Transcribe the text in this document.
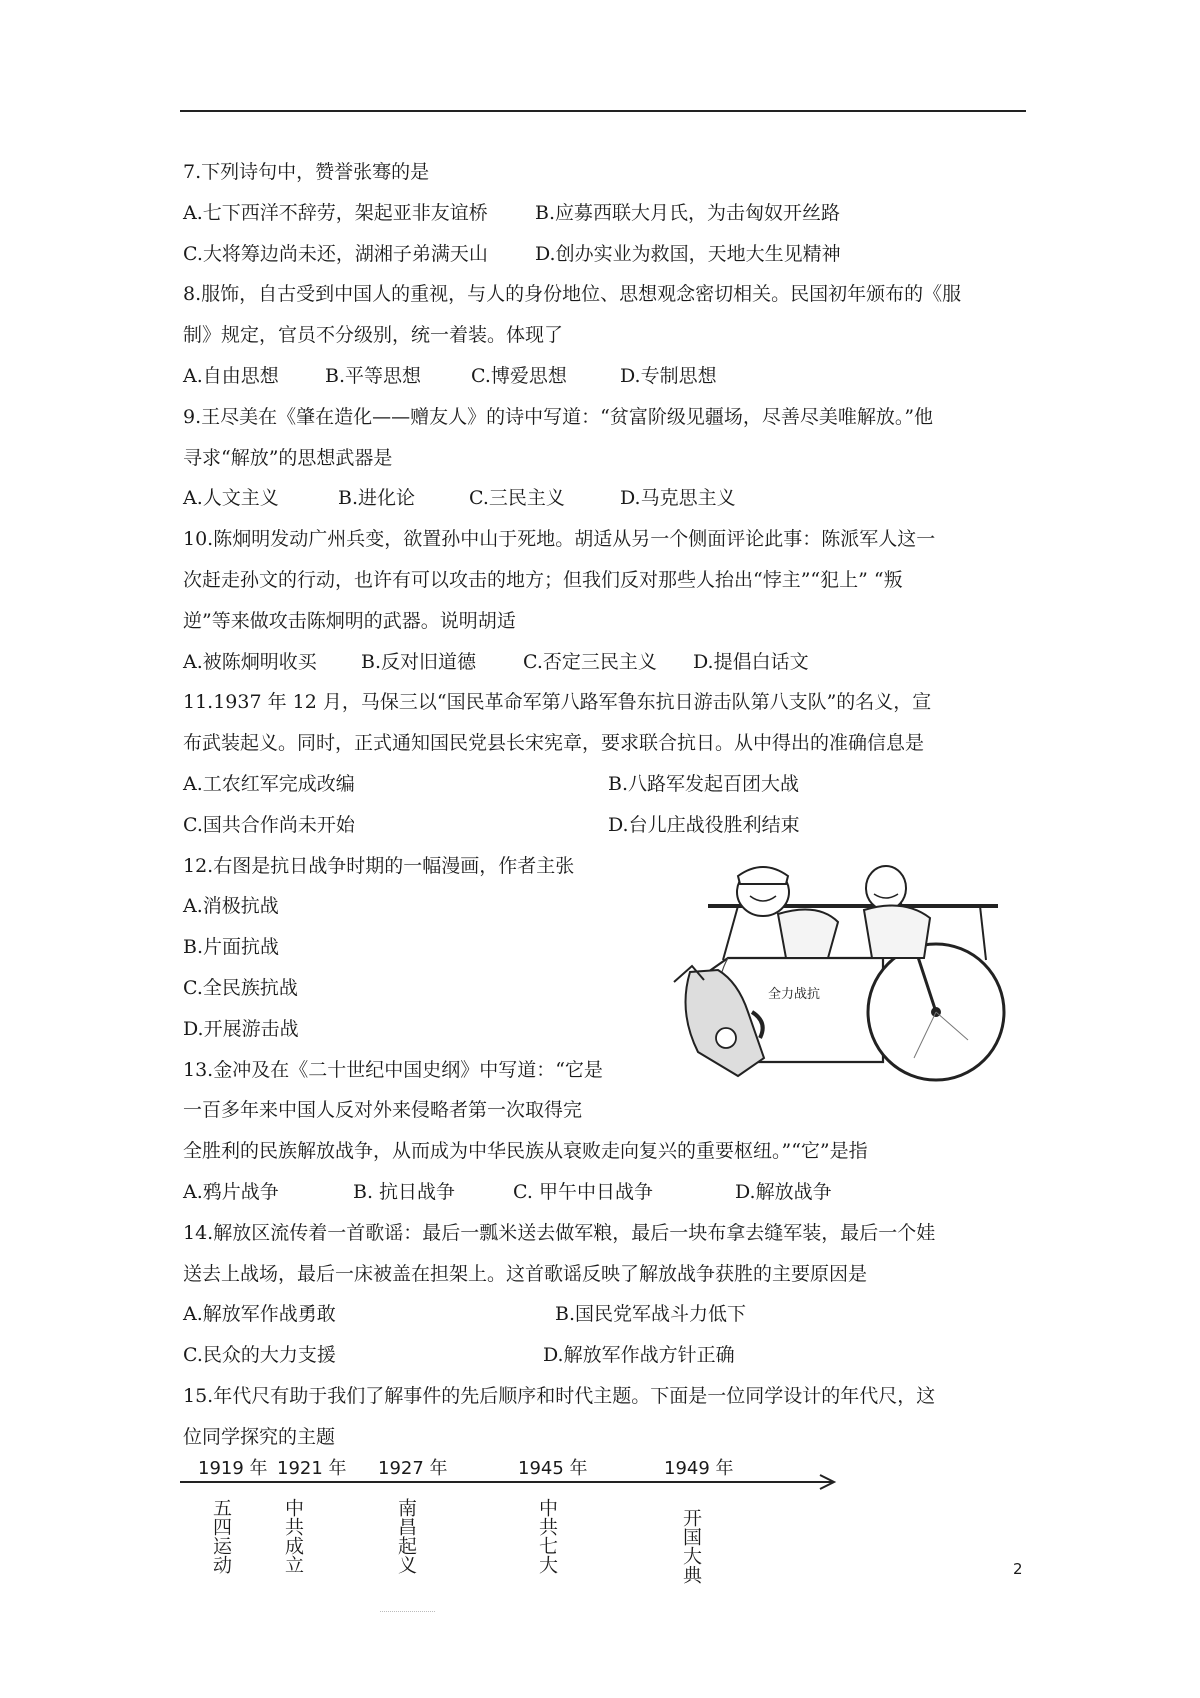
7.下列诗句中，赞誉张骞的是
A.七下西洋不辞劳，架起亚非友谊桥 B.应募西联大月氏，为击匈奴开丝路
C.大将筹边尚未还，湖湘子弟满天山 D.创办实业为救国，天地大生见精神
8.服饰，自古受到中国人的重视，与人的身份地位、思想观念密切相关。民国初年颁布的《服
制》规定，官员不分级别，统一着装。体现了
A.自由思想 B.平等思想	C.博爱思想	D.专制思想
9.王尽美在《肇在造化——赠友人》的诗中写道：“贫富阶级见疆场，尽善尽美唯解放。”他
寻求“解放”的思想武器是
A.人文主义	B.进化论	C.三民主义	D.马克思主义
10.陈炯明发动广州兵变，欲置孙中山于死地。胡适从另一个侧面评论此事：陈派军人这一
次赶走孙文的行动，也许有可以攻击的地方；但我们反对那些人抬出“悖主”“犯上” “叛
逆”等来做攻击陈炯明的武器。说明胡适
A.被陈炯明收买 B.反对旧道德 C.否定三民主义 D.提倡白话文
11.1937 年 12 月，马保三以“国民革命军第八路军鲁东抗日游击队第八支队”的名义，宣
布武装起义。同时，正式通知国民党县长宋宪章，要求联合抗日。从中得出的准确信息是
A.工农红军完成改编	B.八路军发起百团大战
C.国共合作尚未开始	D.台儿庄战役胜利结束
12.右图是抗日战争时期的一幅漫画，作者主张
A.消极抗战
B.片面抗战
C.全民族抗战
D.开展游击战
13.金冲及在《二十世纪中国史纲》中写道：“它是
一百多年来中国人反对外来侵略者第一次取得完
全胜利的民族解放战争，从而成为中华民族从衰败走向复兴的重要枢纽。”“它”是指
A.鸦片战争	B. 抗日战争	C. 甲午中日战争	D.解放战争
14.解放区流传着一首歌谣：最后一瓢米送去做军粮，最后一块布拿去缝军装，最后一个娃
送去上战场，最后一床被盖在担架上。这首歌谣反映了解放战争获胜的主要原因是
A.解放军作战勇敢	B.国民党军战斗力低下
C.民众的大力支援	D.解放军作战方针正确
15.年代尺有助于我们了解事件的先后顺序和时代主题。下面是一位同学设计的年代尺，这
位同学探究的主题
全力战抗
1919 年 1921 年 1927 年	1945 年	1949 年
五四运动	中共成立	南昌起义	中共七大	开国大典	2
